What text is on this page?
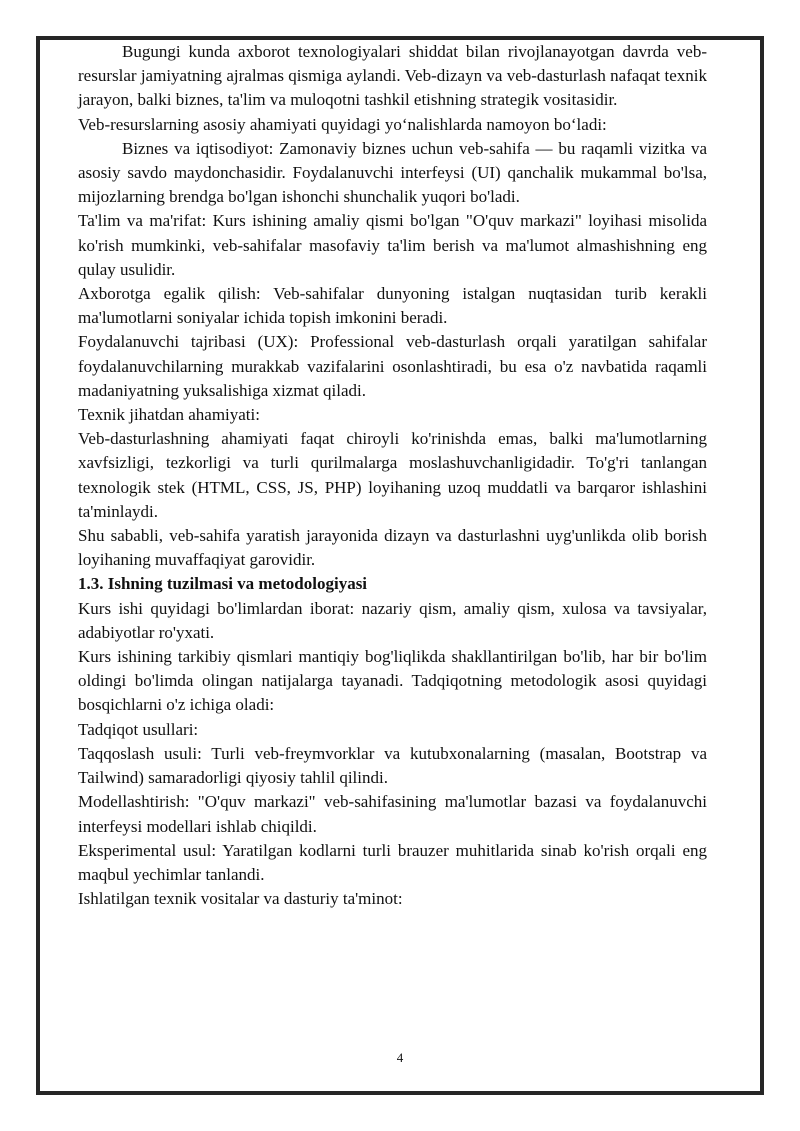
Bugungi kunda axborot texnologiyalari shiddat bilan rivojlanayotgan davrda veb-resurslar jamiyatning ajralmas qismiga aylandi. Veb-dizayn va veb-dasturlash nafaqat texnik jarayon, balki biznes, ta'lim va muloqotni tashkil etishning strategik vositasidir.

Veb-resurslarning asosiy ahamiyati quyidagi yo‘nalishlarda namoyon bo‘ladi:

Biznes va iqtisodiyot: Zamonaviy biznes uchun veb-sahifa — bu raqamli vizitka va asosiy savdo maydonchasidir. Foydalanuvchi interfeysi (UI) qanchalik mukammal bo'lsa, mijozlarning brendga bo'lgan ishonchi shunchalik yuqori bo'ladi.

Ta'lim va ma'rifat: Kurs ishining amaliy qismi bo'lgan "O'quv markazi" loyihasi misolida ko'rish mumkinki, veb-sahifalar masofaviy ta'lim berish va ma'lumot almashishning eng qulay usulidir.

Axborotga egalik qilish: Veb-sahifalar dunyoning istalgan nuqtasidan turib kerakli ma'lumotlarni soniyalar ichida topish imkonini beradi.

Foydalanuvchi tajribasi (UX): Professional veb-dasturlash orqali yaratilgan sahifalar foydalanuvchilarning murakkab vazifalarini osonlashtiradi, bu esa o'z navbatida raqamli madaniyatning yuksalishiga xizmat qiladi.

Texnik jihatdan ahamiyati:

Veb-dasturlashning ahamiyati faqat chiroyli ko'rinishda emas, balki ma'lumotlarning xavfsizligi, tezkorligi va turli qurilmalarga moslashuvchanligidadir. To'g'ri tanlangan texnologik stek (HTML, CSS, JS, PHP) loyihaning uzoq muddatli va barqaror ishlashini ta'minlaydi.

Shu sababli, veb-sahifa yaratish jarayonida dizayn va dasturlashni uyg'unlikda olib borish loyihaning muvaffaqiyat garovidir.

1.3. Ishning tuzilmasi va metodologiyasi

Kurs ishi quyidagi bo'limlardan iborat: nazariy qism, amaliy qism, xulosa va tavsiyalar, adabiyotlar ro'yxati.

Kurs ishining tarkibiy qismlari mantiqiy bog'liqlikda shakllantirilgan bo'lib, har bir bo'lim oldingi bo'limda olingan natijalarga tayanadi. Tadqiqotning metodologik asosi quyidagi bosqichlarni o'z ichiga oladi:

Tadqiqot usullari:

Taqqoslash usuli: Turli veb-freymvorklar va kutubxonalarning (masalan, Bootstrap va Tailwind) samaradorligi qiyosiy tahlil qilindi.

Modellashtirish: "O'quv markazi" veb-sahifasining ma'lumotlar bazasi va foydalanuvchi interfeysi modellari ishlab chiqildi.

Eksperimental usul: Yaratilgan kodlarni turli brauzer muhitlarida sinab ko'rish orqali eng maqbul yechimlar tanlandi.

Ishlatilgan texnik vositalar va dasturiy ta'minot:

4
